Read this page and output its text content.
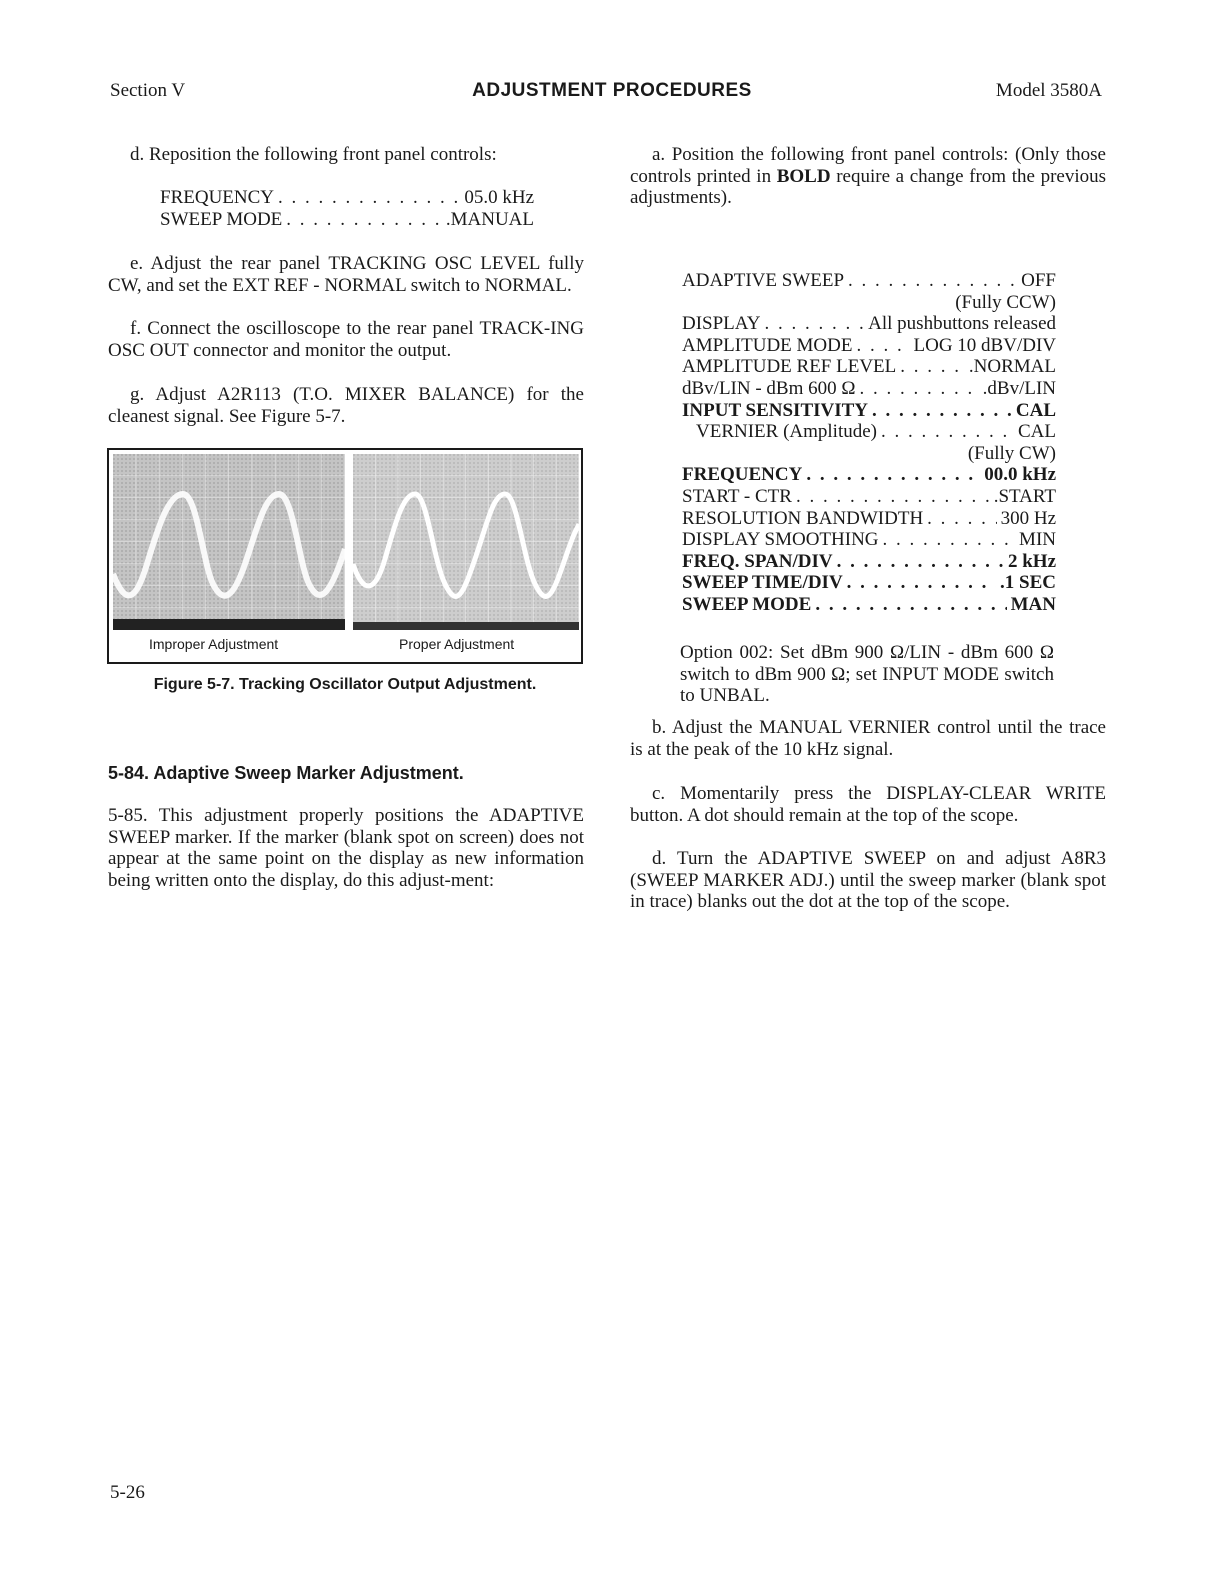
Section V	ADJUSTMENT PROCEDURES	Model 3580A
d. Reposition the following front panel controls:
FREQUENCY . . .	05.0 kHz
SWEEP MODE . . .	.MANUAL
e. Adjust the rear panel TRACKING OSC LEVEL fully CW, and set the EXT REF - NORMAL switch to NORMAL.
f. Connect the oscilloscope to the rear panel TRACK-ING OSC OUT connector and monitor the output.
g. Adjust A2R113 (T.O. MIXER BALANCE) for the cleanest signal. See Figure 5-7.
Improper Adjustment	Proper Adjustment
Figure 5-7. Tracking Oscillator Output Adjustment.
5-84. Adaptive Sweep Marker Adjustment.
5-85. This adjustment properly positions the ADAPTIVE SWEEP marker. If the marker (blank spot on screen) does not appear at the same point on the display as new information being written onto the display, do this adjust-ment:
a. Position the following front panel controls: (Only those controls printed in BOLD require a change from the previous adjustments).
ADAPTIVE SWEEP . . .	OFF
(Fully CCW)
DISPLAY . . .	All pushbuttons released
AMPLITUDE MODE . . .	LOG 10 dBV/DIV
AMPLITUDE REF LEVEL . . .	.NORMAL
dBv/LIN - dBm 600 Ω . . .	.dBv/LIN
INPUT SENSITIVITY . . .	CAL
VERNIER (Amplitude) . . .	CAL
(Fully CW)
FREQUENCY . . .	00.0 kHz
START - CTR . . .	.START
RESOLUTION BANDWIDTH . . .	300 Hz
DISPLAY SMOOTHING . . .	MIN
FREQ. SPAN/DIV . . .	2 kHz
SWEEP TIME/DIV . . .	.1 SEC
SWEEP MODE . . .	MAN
Option 002: Set dBm 900 Ω/LIN - dBm 600 Ω switch to dBm 900 Ω; set INPUT MODE switch to UNBAL.
b. Adjust the MANUAL VERNIER control until the trace is at the peak of the 10 kHz signal.
c. Momentarily press the DISPLAY-CLEAR WRITE button. A dot should remain at the top of the scope.
d. Turn the ADAPTIVE SWEEP on and adjust A8R3 (SWEEP MARKER ADJ.) until the sweep marker (blank spot in trace) blanks out the dot at the top of the scope.
5-26
